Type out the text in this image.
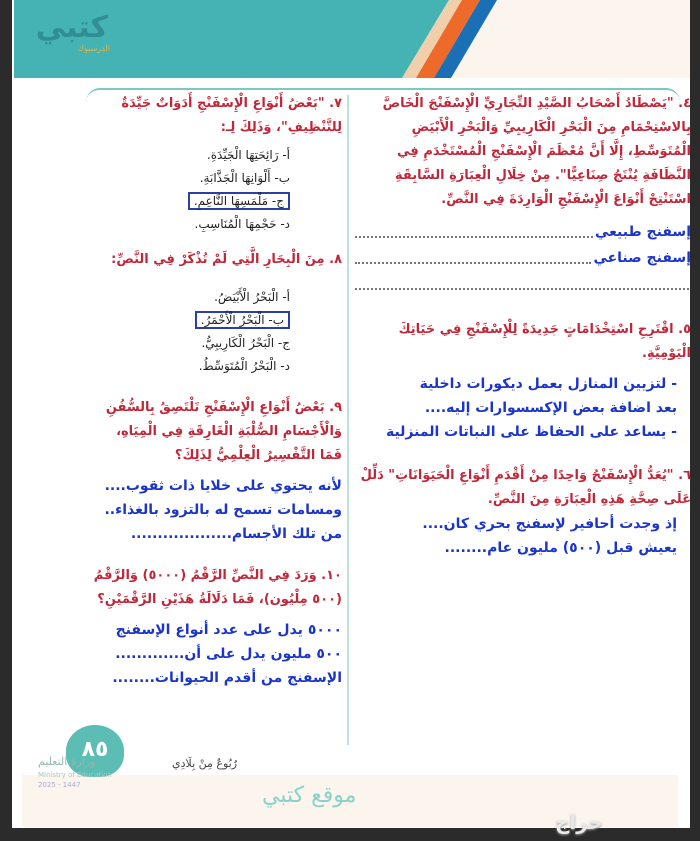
كتبي
الدرسبوك

٤. "يَصْطَادُ أَصْحَابُ الصَّيْدِ التِّجَارِيِّ الْإِسْفَنْجَ الْخَاصَّ بِالاسْتِحْمَامِ مِنَ الْبَحْرِ الْكَارِيبِيِّ وَالْبَحْرِ الْأَبْيَضِ الْمُتَوَسِّطِ، إِلَّا أَنَّ مُعْظَمَ الْإِسْفَنْجِ الْمُسْتَخْدَمِ فِي النَّظَافَةِ يُنْتَجُ صِنَاعِيًّا". مِنْ خِلَالِ الْعِبَارَةِ السَّابِقَةِ اسْتَنْتِجْ أَنْوَاعَ الْإِسْفَنْجِ الْوَارِدَةَ فِي النَّصِّ.

إسفنج طبيعي
إسفنج صناعي

٥. اقْتَرِحِ اسْتِخْدَامَاتٍ جَدِيدَةً لِلْإِسْفَنْجِ فِي حَيَاتِكَ الْيَوْمِيَّةِ.

- لتزيين المنازل بعمل ديكورات داخلية

بعد اضافة بعض الإكسسوارات إليه....

- يساعد على الحفاظ على النباتات المنزلية

٦. "يُعَدُّ الْإِسْفَنْجُ وَاحِدًا مِنْ أَقْدَمِ أَنْوَاعِ الْحَيَوَانَاتِ" دَلِّلْ عَلَى صِحَّةِ هَذِهِ الْعِبَارَةِ مِنَ النَّصِّ.

إذ وجدت أحافير لإسفنج بحري كان....

يعيش قبل (٥٠٠) مليون عام........

٧. "بَعْضُ أَنْوَاعِ الْإِسْفَنْجِ أَدَوَاتٌ جَيِّدَةٌ لِلتَّنْظِيفِ"، وَذَلِكَ لِـ:

أ- رَائِحَتِهَا الْجَيِّدَةِ.
ب- أَلْوَانِهَا الْجَذَّابَةِ.
ج- مَلْمَسِهَا النَّاعِمِ.
د- حَجْمِهَا الْمُنَاسِبِ.

٨. مِنَ الْبِحَارِ الَّتِي لَمْ تُذْكَرْ فِي النَّصِّ:

أ- الْبَحْرُ الْأَبْيَضُ.
ب- الْبَحْرُ الْأَحْمَرُ.
ج- الْبَحْرُ الْكَارِيبِيُّ.
د- الْبَحْرُ الْمُتَوَسِّطُ.

٩. بَعْضُ أَنْوَاعِ الْإِسْفَنْجِ تَلْتَصِقُ بِالسُّفُنِ وَالْأَجْسَامِ الصُّلْبَةِ الْغَارِقَةِ فِي الْمِيَاهِ، فَمَا التَّفْسِيرُ الْعِلْمِيُّ لِذَلِكَ؟

لأنه يحتوي على خلايا ذات ثقوب....

ومسامات تسمح له بالتزود بالغذاء..

من تلك الأجسام...................

١٠. وَرَدَ فِي النَّصِّ الرَّقْمُ (٥٠٠٠) وَالرَّقْمُ (٥٠٠ مِلْيُون)، فَمَا دَلَالَةُ هَذَيْنِ الرَّقْمَيْنِ؟

٥٠٠٠ يدل على عدد أنواع الإسفنج

٥٠٠ مليون يدل على أن.............

الإسفنج من أقدم الحيوانات........

موقع كتبي
٨٥
وزارة التعليم
Ministry of Education
2025 - 1447
رُبُوعٌ مِنْ بِلَادِي
حراج
